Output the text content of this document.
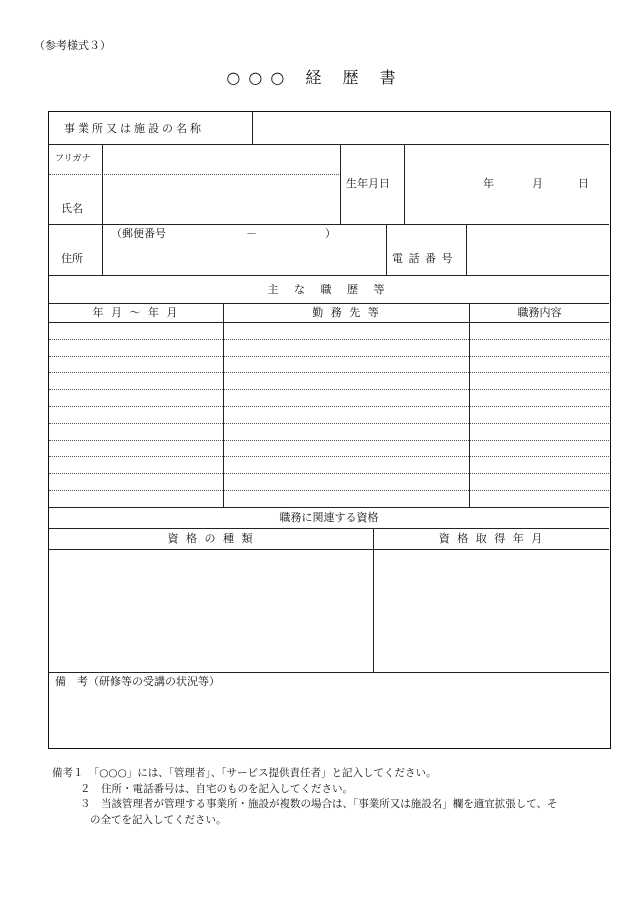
（参考様式３）
○○○ 経 歴 書
事業所又は施設の名称
フリガナ
氏名
生年月日	年	月	日
（郵便番号	－	）
住所	電 話 番 号
主 な 職 歴 等
年 月 ～ 年 月	勤 務 先 等	職務内容
職務に関連する資格
資 格 の 種 類	資 格 取 得 年 月
備　考（研修等の受講の状況等）
備考１　「○○○」には、「管理者」、「サービス提供責任者」と記入してください。
２　住所・電話番号は、自宅のものを記入してください。
３　当該管理者が管理する事業所・施設が複数の場合は、「事業所又は施設名」欄を適宜拡張して、そ
の全てを記入してください。
